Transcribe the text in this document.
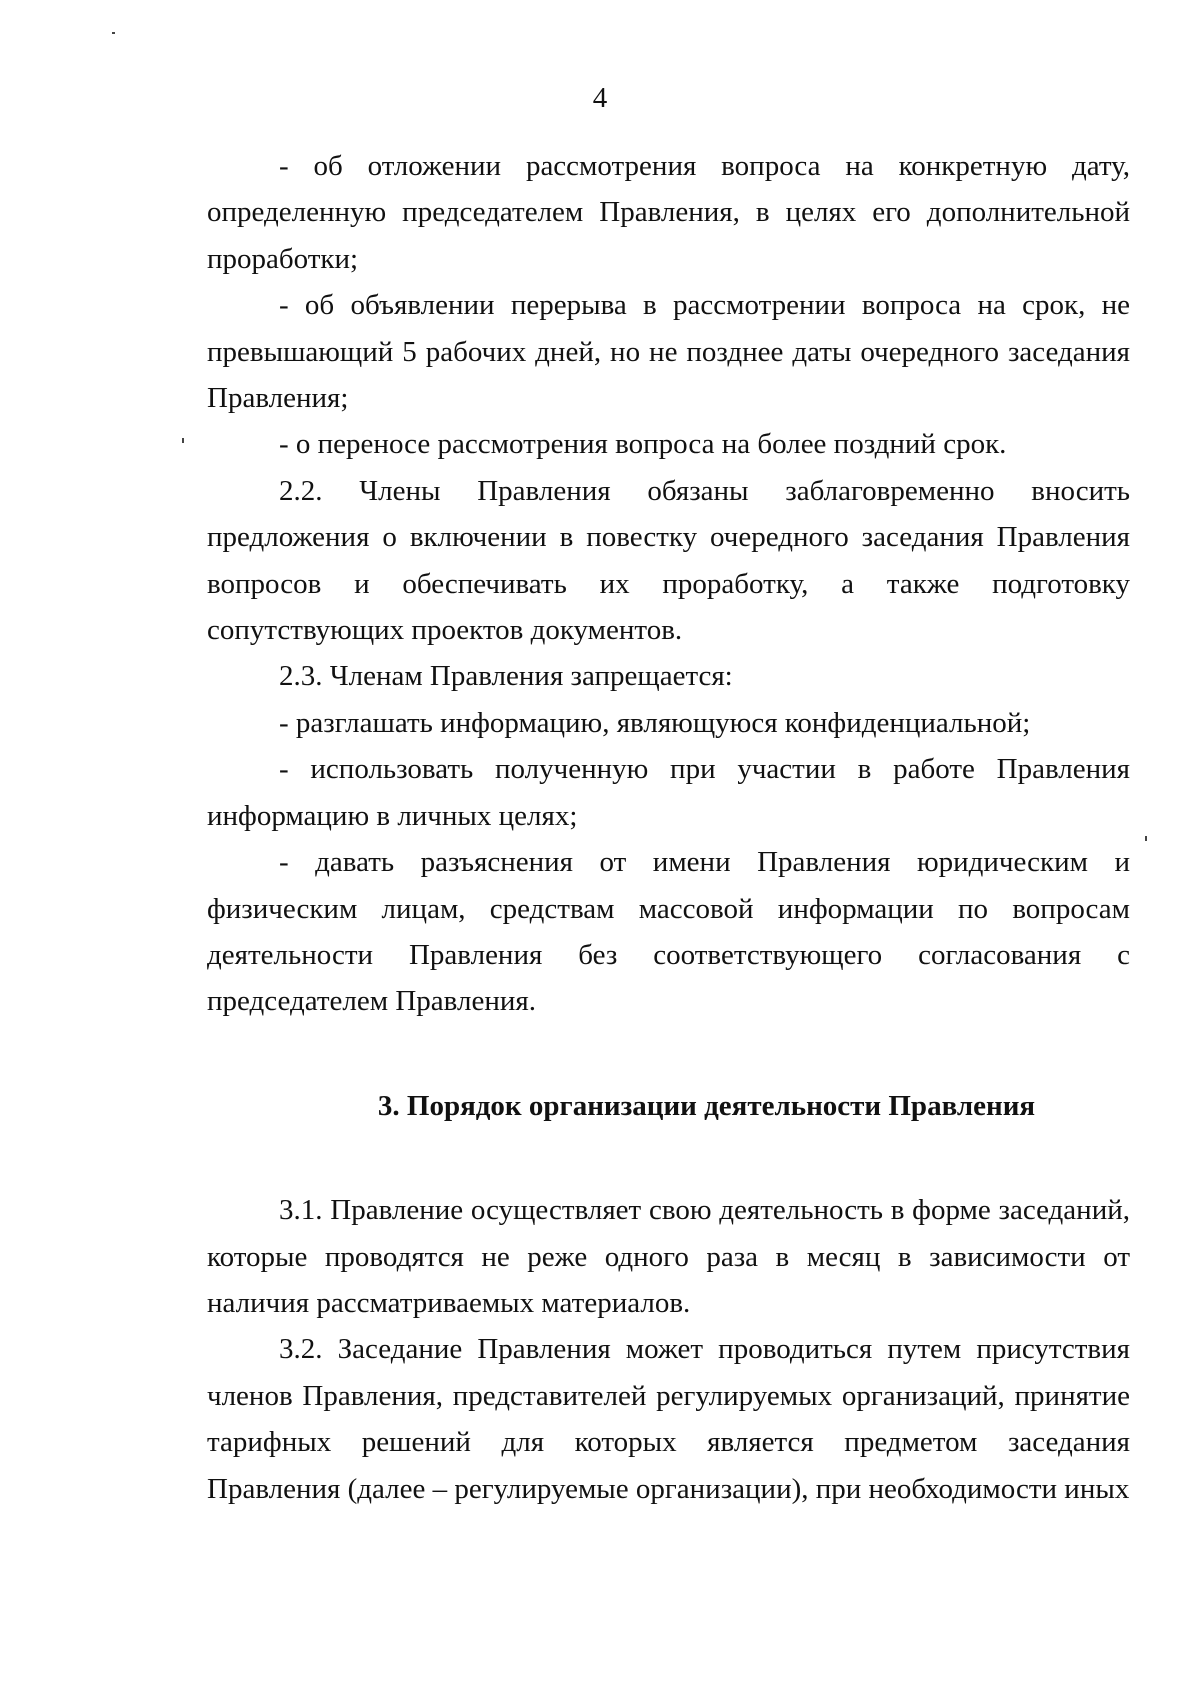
4

- об отложении рассмотрения вопроса на конкретную дату, определенную председателем Правления, в целях его дополнительной проработки;

- об объявлении перерыва в рассмотрении вопроса на срок, не превышающий 5 рабочих дней, но не позднее даты очередного заседания Правления;

- о переносе рассмотрения вопроса на более поздний срок.

2.2. Члены Правления обязаны заблаговременно вносить предложения о включении в повестку очередного заседания Правления вопросов и обеспечивать их проработку, а также подготовку сопутствующих проектов документов.

2.3. Членам Правления запрещается:

- разглашать информацию, являющуюся конфиденциальной;

- использовать полученную при участии в работе Правления информацию в личных целях;

- давать разъяснения от имени Правления юридическим и физическим лицам, средствам массовой информации по вопросам деятельности Правления без соответствующего согласования с председателем Правления.

3. Порядок организации деятельности Правления

3.1. Правление осуществляет свою деятельность в форме заседаний, которые проводятся не реже одного раза в месяц в зависимости от наличия рассматриваемых материалов.

3.2. Заседание Правления может проводиться путем присутствия членов Правления, представителей регулируемых организаций, принятие тарифных решений для которых является предметом заседания Правления (далее – регулируемые организации), при необходимости иных
